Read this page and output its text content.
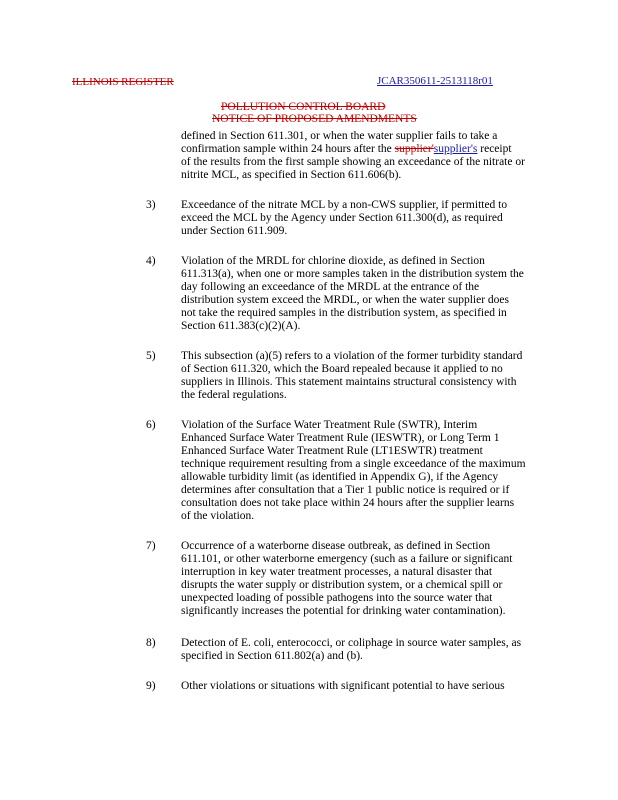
ILLINOIS REGISTER	JCAR350611-2513118r01
POLLUTION CONTROL BOARD
NOTICE OF PROPOSED AMENDMENTS
defined in Section 611.301, or when the water supplier fails to take a
confirmation sample within 24 hours after the supplier'supplier's receipt
of the results from the first sample showing an exceedance of the nitrate or
nitrite MCL, as specified in Section 611.606(b).
3) Exceedance of the nitrate MCL by a non-CWS supplier, if permitted to
exceed the MCL by the Agency under Section 611.300(d), as required
under Section 611.909.
4) Violation of the MRDL for chlorine dioxide, as defined in Section
611.313(a), when one or more samples taken in the distribution system the
day following an exceedance of the MRDL at the entrance of the
distribution system exceed the MRDL, or when the water supplier does
not take the required samples in the distribution system, as specified in
Section 611.383(c)(2)(A).
5) This subsection (a)(5) refers to a violation of the former turbidity standard
of Section 611.320, which the Board repealed because it applied to no
suppliers in Illinois. This statement maintains structural consistency with
the federal regulations.
6) Violation of the Surface Water Treatment Rule (SWTR), Interim
Enhanced Surface Water Treatment Rule (IESWTR), or Long Term 1
Enhanced Surface Water Treatment Rule (LT1ESWTR) treatment
technique requirement resulting from a single exceedance of the maximum
allowable turbidity limit (as identified in Appendix G), if the Agency
determines after consultation that a Tier 1 public notice is required or if
consultation does not take place within 24 hours after the supplier learns
of the violation.
7) Occurrence of a waterborne disease outbreak, as defined in Section
611.101, or other waterborne emergency (such as a failure or significant
interruption in key water treatment processes, a natural disaster that
disrupts the water supply or distribution system, or a chemical spill or
unexpected loading of possible pathogens into the source water that
significantly increases the potential for drinking water contamination).
8) Detection of E. coli, enterococci, or coliphage in source water samples, as
specified in Section 611.802(a) and (b).
9) Other violations or situations with significant potential to have serious
